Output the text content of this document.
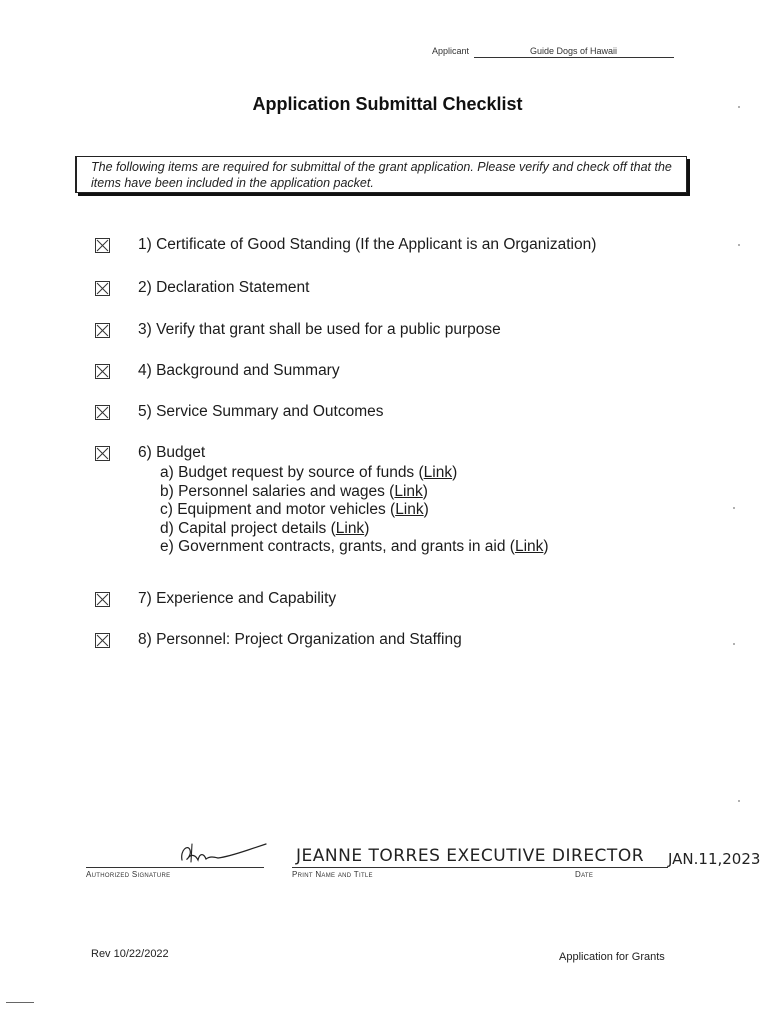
Applicant	Guide Dogs of Hawaii
Application Submittal Checklist
The following items are required for submittal of the grant application. Please verify and check off that the items have been included in the application packet.
1) Certificate of Good Standing (If the Applicant is an Organization)
2) Declaration Statement
3) Verify that grant shall be used for a public purpose
4) Background and Summary
5) Service Summary and Outcomes
6) Budget
7) Experience and Capability
8) Personnel: Project Organization and Staffing
a) Budget request by source of funds (Link)
b) Personnel salaries and wages (Link)
c) Equipment and motor vehicles (Link)
d) Capital project details (Link)
e) Government contracts, grants, and grants in aid (Link)
Authorized Signature
JEANNE TORRES EXECUTIVE DIRECTOR
Print Name and Title
JAN.11,2023
Date
Rev 10/22/2022	Application for Grants
